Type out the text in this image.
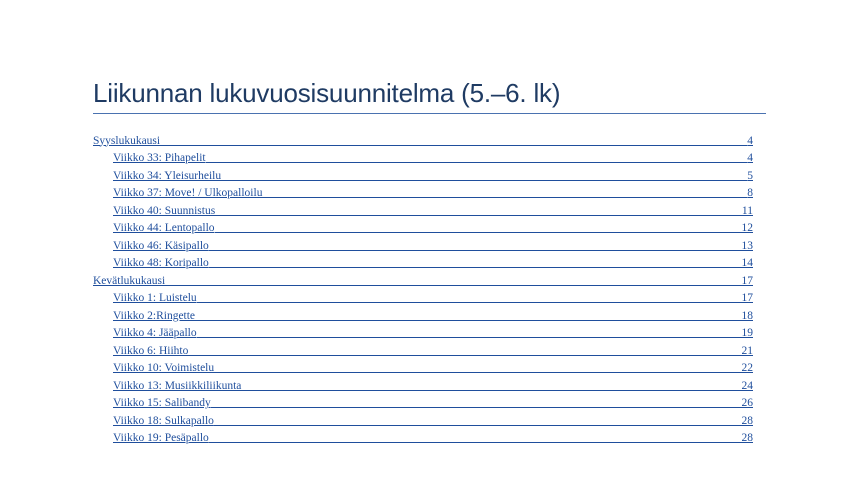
Liikunnan lukuvuosisuunnitelma (5.–6. lk)
Syyslukukausi	4
Viikko 33: Pihapelit	4
Viikko 34: Yleisurheilu	5
Viikko 37: Move! / Ulkopalloilu	8
Viikko 40: Suunnistus	11
Viikko 44: Lentopallo	12
Viikko 46: Käsipallo	13
Viikko 48: Koripallo	14
Kevätlukukausi	17
Viikko 1: Luistelu	17
Viikko 2:Ringette	18
Viikko 4: Jääpallo	19
Viikko 6: Hiihto	21
Viikko 10: Voimistelu	22
Viikko 13: Musiikkiliikunta	24
Viikko 15: Salibandy	26
Viikko 18: Sulkapallo	28
Viikko 19: Pesäpallo	28
